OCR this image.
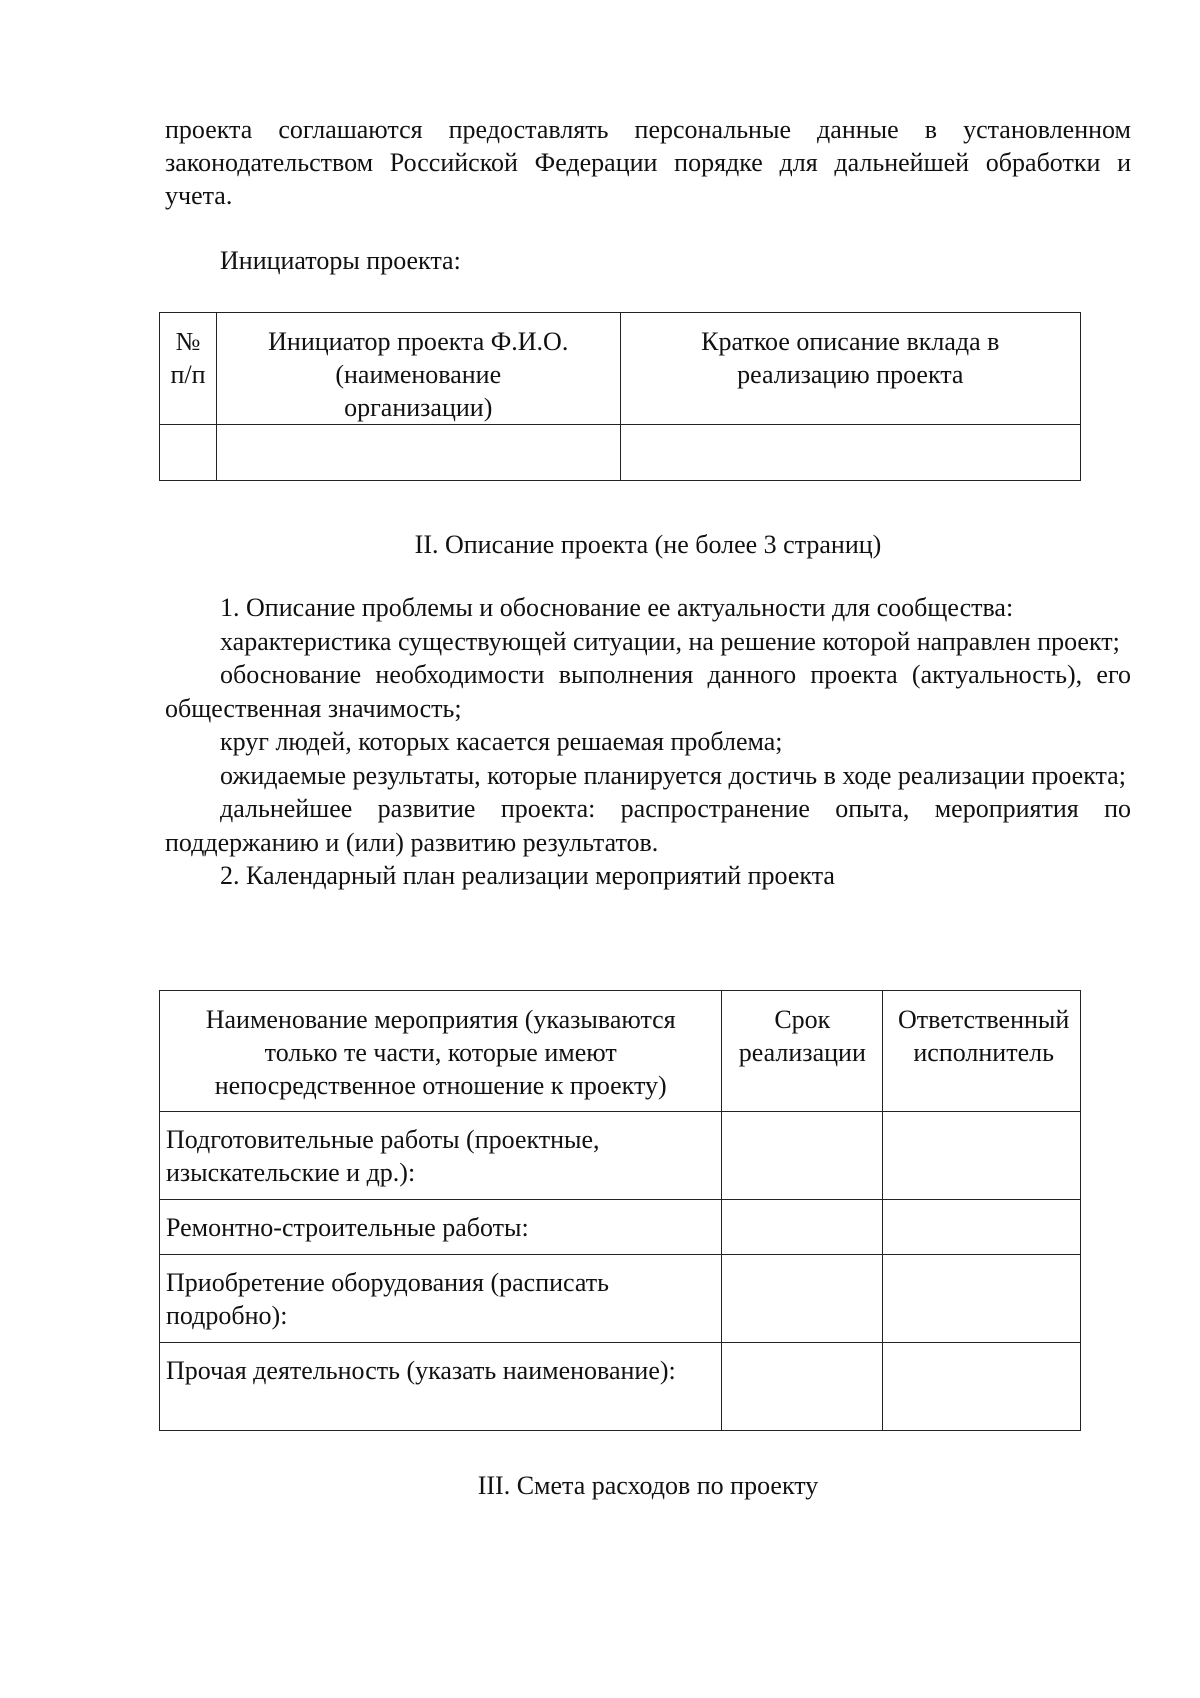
проекта соглашаются предоставлять персональные данные в установленном законодательством Российской Федерации порядке для дальнейшей обработки и учета.

Инициаторы проекта:

№ п/п	Инициатор проекта Ф.И.О. (наименование организации)	Краткое описание вклада в реализацию проекта

II. Описание проекта (не более 3 страниц)

1. Описание проблемы и обоснование ее актуальности для сообщества:

характеристика существующей ситуации, на решение которой направлен проект;

обоснование необходимости выполнения данного проекта (актуальность), его общественная значимость;

круг людей, которых касается решаемая проблема;

ожидаемые результаты, которые планируется достичь в ходе реализации проекта;

дальнейшее развитие проекта: распространение опыта, мероприятия по поддержанию и (или) развитию результатов.

2. Календарный план реализации мероприятий проекта

Наименование мероприятия (указываются только те части, которые имеют непосредственное отношение к проекту)	Срок реализации	Ответственный исполнитель
Подготовительные работы (проектные, изыскательские и др.):		
Ремонтно-строительные работы:		
Приобретение оборудования (расписать подробно):		
Прочая деятельность (указать наименование):		

III. Смета расходов по проекту
